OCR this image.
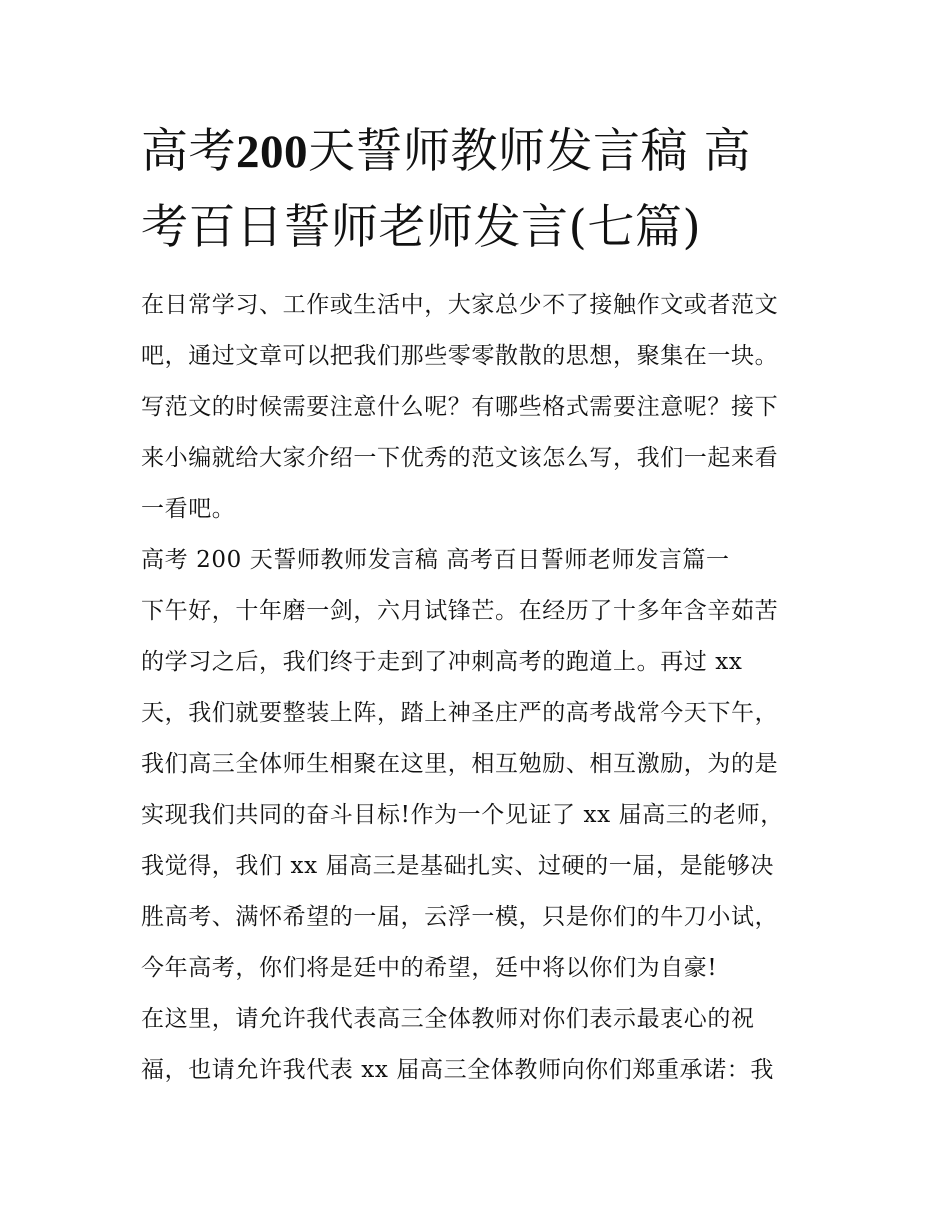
高考200天誓师教师发言稿 高
考百日誓师老师发言(七篇)
在日常学习、工作或生活中，大家总少不了接触作文或者范文
吧，通过文章可以把我们那些零零散散的思想，聚集在一块。
写范文的时候需要注意什么呢？有哪些格式需要注意呢？接下
来小编就给大家介绍一下优秀的范文该怎么写，我们一起来看
一看吧。
高考 200 天誓师教师发言稿 高考百日誓师老师发言篇一
下午好，十年磨一剑，六月试锋芒。在经历了十多年含辛茹苦
的学习之后，我们终于走到了冲刺高考的跑道上。再过 xx
天，我们就要整装上阵，踏上神圣庄严的高考战常今天下午，
我们高三全体师生相聚在这里，相互勉励、相互激励，为的是
实现我们共同的奋斗目标!作为一个见证了 xx 届高三的老师，
我觉得，我们 xx 届高三是基础扎实、过硬的一届，是能够决
胜高考、满怀希望的一届，云浮一模，只是你们的牛刀小试，
今年高考，你们将是廷中的希望，廷中将以你们为自豪!
在这里，请允许我代表高三全体教师对你们表示最衷心的祝
福，也请允许我代表 xx 届高三全体教师向你们郑重承诺：我
